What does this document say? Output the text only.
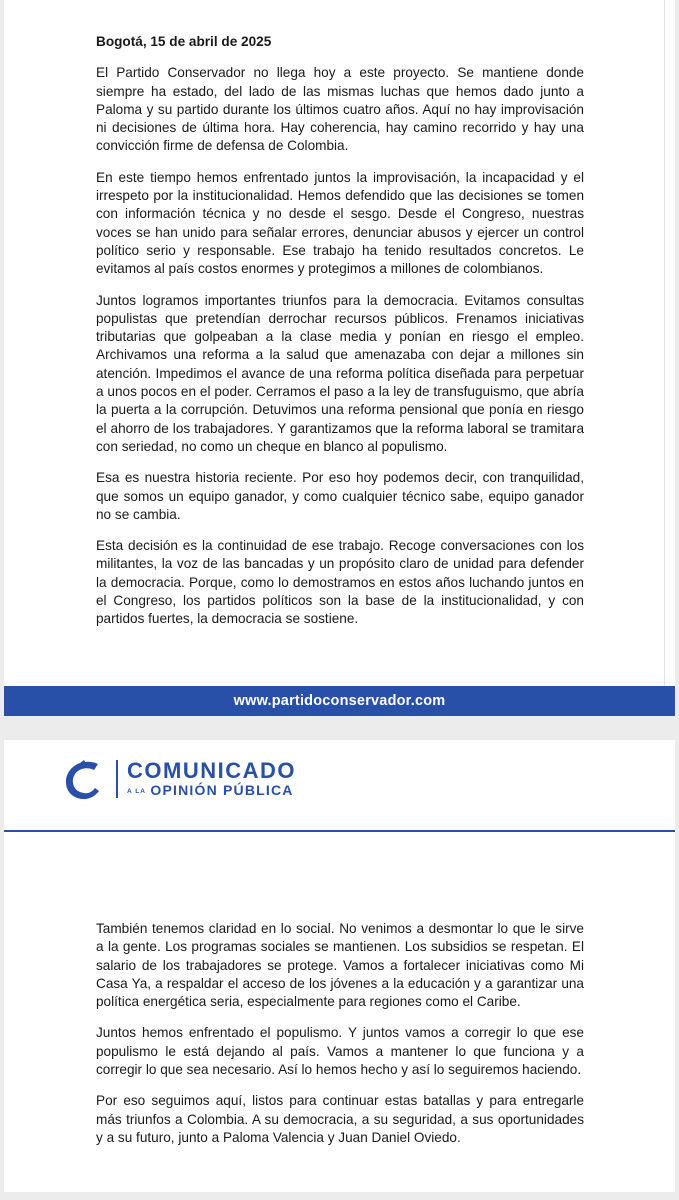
Bogotá, 15 de abril de 2025

El Partido Conservador no llega hoy a este proyecto. Se mantiene donde siempre ha estado, del lado de las mismas luchas que hemos dado junto a Paloma y su partido durante los últimos cuatro años. Aquí no hay improvisación ni decisiones de última hora. Hay coherencia, hay camino recorrido y hay una convicción firme de defensa de Colombia.

En este tiempo hemos enfrentado juntos la improvisación, la incapacidad y el irrespeto por la institucionalidad. Hemos defendido que las decisiones se tomen con información técnica y no desde el sesgo. Desde el Congreso, nuestras voces se han unido para señalar errores, denunciar abusos y ejercer un control político serio y responsable. Ese trabajo ha tenido resultados concretos. Le evitamos al país costos enormes y protegimos a millones de colombianos.

Juntos logramos importantes triunfos para la democracia. Evitamos consultas populistas que pretendían derrochar recursos públicos. Frenamos iniciativas tributarias que golpeaban a la clase media y ponían en riesgo el empleo. Archivamos una reforma a la salud que amenazaba con dejar a millones sin atención. Impedimos el avance de una reforma política diseñada para perpetuar a unos pocos en el poder. Cerramos el paso a la ley de transfuguismo, que abría la puerta a la corrupción. Detuvimos una reforma pensional que ponía en riesgo el ahorro de los trabajadores. Y garantizamos que la reforma laboral se tramitara con seriedad, no como un cheque en blanco al populismo.

Esa es nuestra historia reciente. Por eso hoy podemos decir, con tranquilidad, que somos un equipo ganador, y como cualquier técnico sabe, equipo ganador no se cambia.

Esta decisión es la continuidad de ese trabajo. Recoge conversaciones con los militantes, la voz de las bancadas y un propósito claro de unidad para defender la democracia. Porque, como lo demostramos en estos años luchando juntos en el Congreso, los partidos políticos son la base de la institucionalidad, y con partidos fuertes, la democracia se sostiene.

www.partidoconservador.com
COMUNICADO
A LA OPINIÓN PÚBLICA

También tenemos claridad en lo social. No venimos a desmontar lo que le sirve a la gente. Los programas sociales se mantienen. Los subsidios se respetan. El salario de los trabajadores se protege. Vamos a fortalecer iniciativas como Mi Casa Ya, a respaldar el acceso de los jóvenes a la educación y a garantizar una política energética seria, especialmente para regiones como el Caribe.

Juntos hemos enfrentado el populismo. Y juntos vamos a corregir lo que ese populismo le está dejando al país. Vamos a mantener lo que funciona y a corregir lo que sea necesario. Así lo hemos hecho y así lo seguiremos haciendo.

Por eso seguimos aquí, listos para continuar estas batallas y para entregarle más triunfos a Colombia. A su democracia, a su seguridad, a sus oportunidades y a su futuro, junto a Paloma Valencia y Juan Daniel Oviedo.
